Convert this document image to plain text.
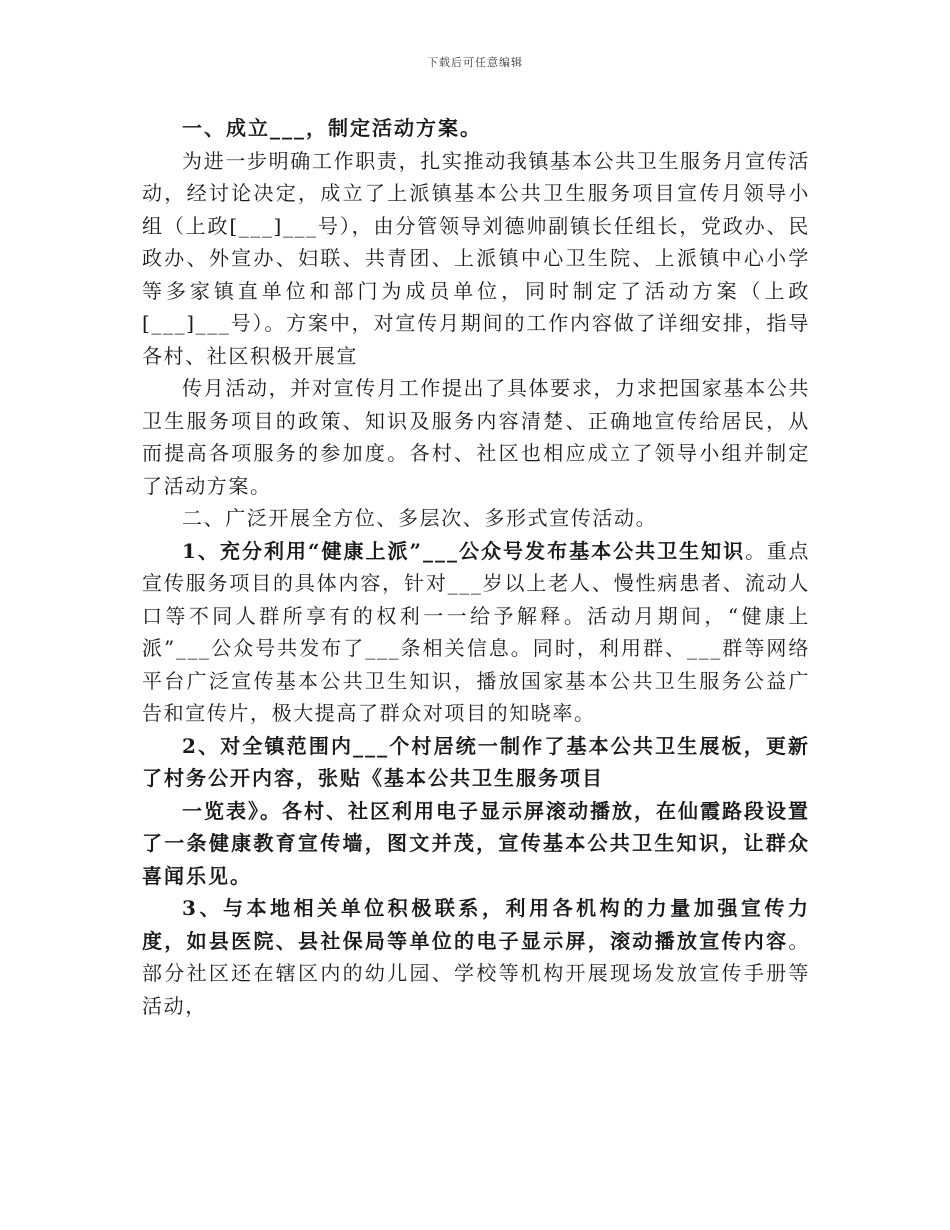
下载后可任意编辑

一、成立___，制定活动方案。

为进一步明确工作职责，扎实推动我镇基本公共卫生服务月宣传活动，经讨论决定，成立了上派镇基本公共卫生服务项目宣传月领导小组（上政[___]___号），由分管领导刘德帅副镇长任组长，党政办、民政办、外宣办、妇联、共青团、上派镇中心卫生院、上派镇中心小学等多家镇直单位和部门为成员单位，同时制定了活动方案（上政[___]___号）。方案中，对宣传月期间的工作内容做了详细安排，指导各村、社区积极开展宣

传月活动，并对宣传月工作提出了具体要求，力求把国家基本公共卫生服务项目的政策、知识及服务内容清楚、正确地宣传给居民，从而提高各项服务的参加度。各村、社区也相应成立了领导小组并制定了活动方案。

二、广泛开展全方位、多层次、多形式宣传活动。

1、充分利用“健康上派”___公众号发布基本公共卫生知识。重点宣传服务项目的具体内容，针对___岁以上老人、慢性病患者、流动人口等不同人群所享有的权利一一给予解释。活动月期间，“健康上派”___公众号共发布了___条相关信息。同时，利用群、___群等网络平台广泛宣传基本公共卫生知识，播放国家基本公共卫生服务公益广告和宣传片，极大提高了群众对项目的知晓率。

2、对全镇范围内___个村居统一制作了基本公共卫生展板，更新了村务公开内容，张贴《基本公共卫生服务项目

一览表》。各村、社区利用电子显示屏滚动播放，在仙霞路段设置了一条健康教育宣传墙，图文并茂，宣传基本公共卫生知识，让群众喜闻乐见。

3、与本地相关单位积极联系，利用各机构的力量加强宣传力度，如县医院、县社保局等单位的电子显示屏，滚动播放宣传内容。部分社区还在辖区内的幼儿园、学校等机构开展现场发放宣传手册等活动，
